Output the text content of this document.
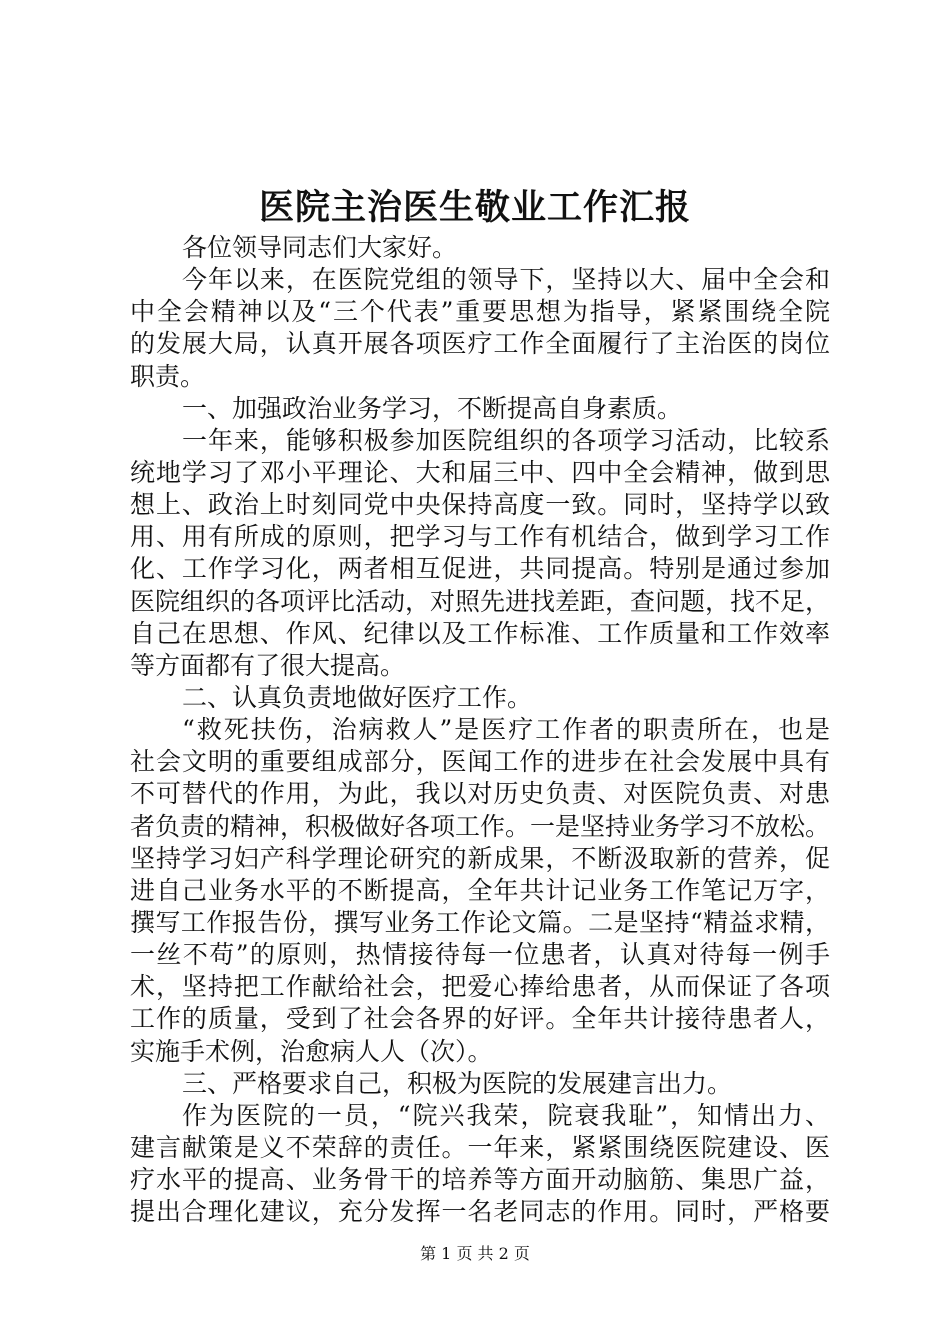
医院主治医生敬业工作汇报
各位领导同志们大家好。
今年以来，在医院党组的领导下，坚持以大、届中全会和
中全会精神以及“三个代表”重要思想为指导，紧紧围绕全院
的发展大局，认真开展各项医疗工作全面履行了主治医的岗位
职责。
一、加强政治业务学习，不断提高自身素质。
一年来，能够积极参加医院组织的各项学习活动，比较系
统地学习了邓小平理论、大和届三中、四中全会精神，做到思
想上、政治上时刻同党中央保持高度一致。同时，坚持学以致
用、用有所成的原则，把学习与工作有机结合，做到学习工作
化、工作学习化，两者相互促进，共同提高。特别是通过参加
医院组织的各项评比活动，对照先进找差距，查问题，找不足，
自己在思想、作风、纪律以及工作标准、工作质量和工作效率
等方面都有了很大提高。
二、认真负责地做好医疗工作。
“救死扶伤，治病救人”是医疗工作者的职责所在，也是
社会文明的重要组成部分，医闻工作的进步在社会发展中具有
不可替代的作用，为此，我以对历史负责、对医院负责、对患
者负责的精神，积极做好各项工作。一是坚持业务学习不放松。
坚持学习妇产科学理论研究的新成果，不断汲取新的营养，促
进自己业务水平的不断提高，全年共计记业务工作笔记万字，
撰写工作报告份，撰写业务工作论文篇。二是坚持“精益求精，
一丝不苟”的原则，热情接待每一位患者，认真对待每一例手
术，坚持把工作献给社会，把爱心捧给患者，从而保证了各项
工作的质量，受到了社会各界的好评。全年共计接待患者人，
实施手术例，治愈病人人（次）。
三、严格要求自己，积极为医院的发展建言出力。
作为医院的一员，“院兴我荣，院衰我耻”，知情出力、
建言献策是义不荣辞的责任。一年来，紧紧围绕医院建设、医
疗水平的提高、业务骨干的培养等方面开动脑筋、集思广益，
提出合理化建议，充分发挥一名老同志的作用。同时，严格要
第 1 页 共 2 页
